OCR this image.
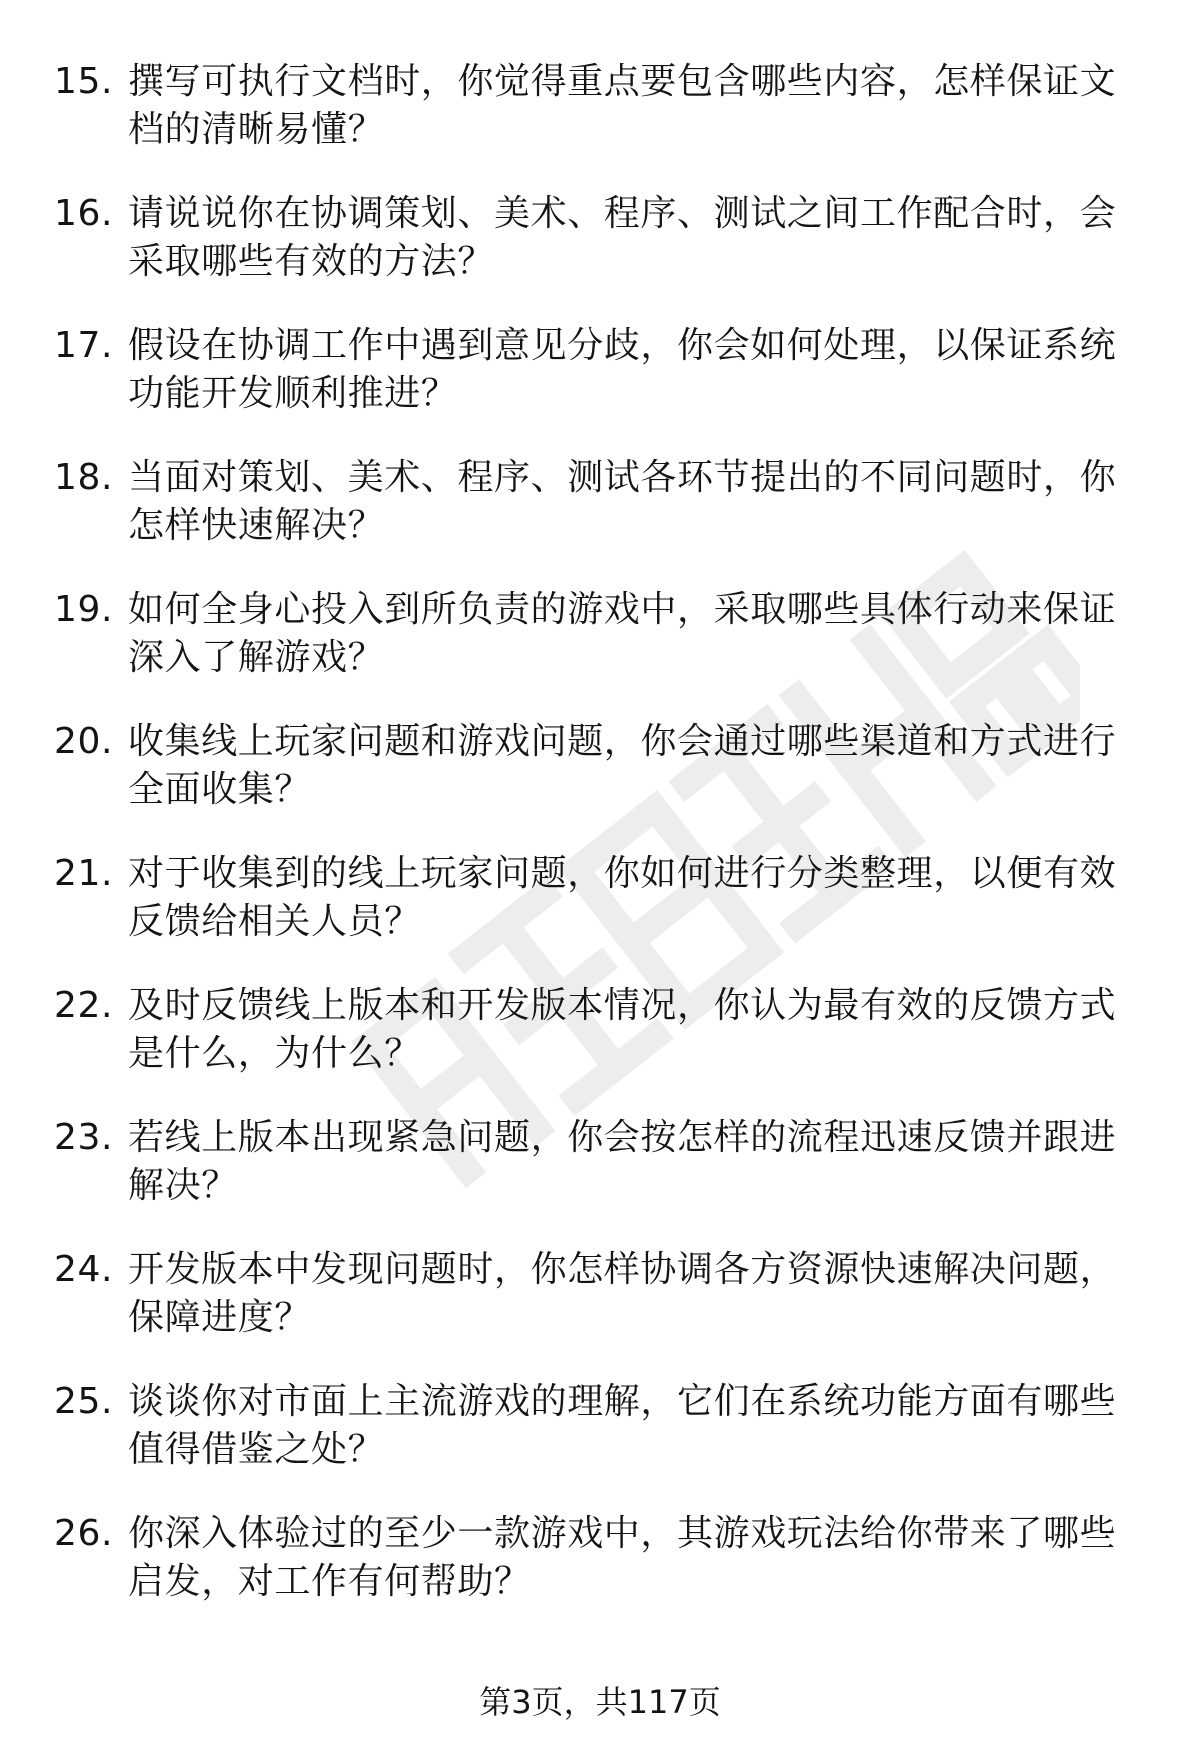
15. 撰写可执行文档时，你觉得重点要包含哪些内容，怎样保证文档的清晰易懂？
16. 请说说你在协调策划、美术、程序、测试之间工作配合时，会采取哪些有效的方法？
17. 假设在协调工作中遇到意见分歧，你会如何处理，以保证系统功能开发顺利推进？
18. 当面对策划、美术、程序、测试各环节提出的不同问题时，你怎样快速解决？
19. 如何全身心投入到所负责的游戏中，采取哪些具体行动来保证深入了解游戏？
20. 收集线上玩家问题和游戏问题，你会通过哪些渠道和方式进行全面收集？
21. 对于收集到的线上玩家问题，你如何进行分类整理，以便有效反馈给相关人员？
22. 及时反馈线上版本和开发版本情况，你认为最有效的反馈方式是什么，为什么？
23. 若线上版本出现紧急问题，你会按怎样的流程迅速反馈并跟进解决？
24. 开发版本中发现问题时，你怎样协调各方资源快速解决问题，保障进度？
25. 谈谈你对市面上主流游戏的理解，它们在系统功能方面有哪些值得借鉴之处？
26. 你深入体验过的至少一款游戏中，其游戏玩法给你带来了哪些启发，对工作有何帮助？
第3页，共117页
